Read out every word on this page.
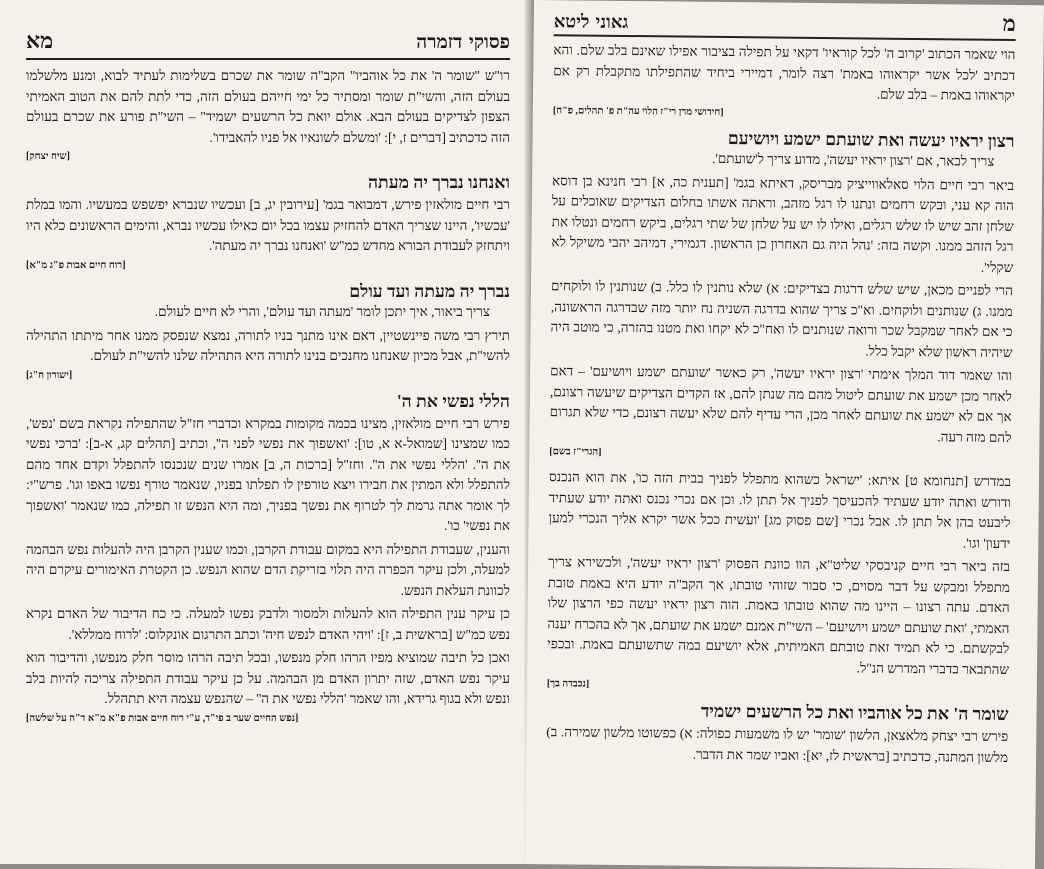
מא	פסוקי דזמרה

רו"ש "שומר ה' את כל אוהביו" הקב"ה שומר את שכרם בשלימות לעתיד לבוא, ומנע מלשלמו בעולם הזה, והשי"ת שומר ומסתיר כל ימי חייהם בעולם הזה, כדי לתת להם את הטוב האמיתי הצפון לצדיקים בעולם הבא. אולם יואת כל הרשעים ישמיד" – השי"ת פורע את שכרם בעולם הזה כדכתיב [דברים ז, י]: 'ומשלם לשונאיו אל פניו להאבידו'.

[שיח יצחק]
ואנחנו נברך יה מעתה

רבי חיים מולאזין פירש, דמבואר בגמ' [עירובין יג, ב] ועכשיו שנברא יפשפש במעשיו. והמו במלת 'עכשיו', היינו שצריך האדם להחזיק עצמו בכל יום כאילו עכשיו נברא, והימים הראשונים כלא היו ויתחזק לעבודת הבורא מחדש כמ"ש 'ואנחנו נברך יה מעתה'.

[רוח חיים אבות פ"ג מ"א]
נברך יה מעתה ועד עולם
צריך ביאור, איך יתכן לומר 'מעתה ועד עולם', והרי לא חיים לעולם.

תירץ רבי משה פיינשטיין, דאם אינו מתנך בניו לתורה, נמצא שנפסק ממנו אחר מיתתו התהילה להשי"ת, אבל מכיון שאנחנו מחנכים בנינו לתורה היא התהילה שלנו להשי"ת לעולם.

[ישורון ח"ג]
הללי נפשי את ה'

פירש רבי חיים מולאזין, מצינו בכמה מקומות במקרא וכדברי חז"ל שהתפילה נקראת בשם 'נפש', כמו שמצינו [שמואל-א א, טו]: 'ואשפוך את נפשי לפני ה'', וכתיב [תהלים קג, א-ב]: 'ברכי נפשי את ה''. 'הללי נפשי את ה''. וחז"ל [ברכות ה, ב] אמרו שנים שנכנסו להתפלל וקדם אחד מהם להתפלל ולא המתין את חבירו ויצא טורפין לו תפלתו בפניו, שנאמר טורף נפשו באפו וגו'. פרש"י: לך אומר אתה גרמת לך לטרוף את נפשך בפניך, ומה היא הנפש זו תפילה, כמו שנאמר 'ואשפוך את נפשי' כו'.

והענין, שעבודת התפילה היא במקום עבודת הקרבן, וכמו שענין הקרבן היה להעלות נפש הבהמה למעלה, ולכן עיקר הכפרה היה תלוי בזריקת הדם שהוא הנפש. כן הקטרת האימורים עיקרם היה לכוונת העלאת הנפש.

כן עיקר ענין התפילה הוא להעלות ולמסור ולדבק נפשו למעלה. כי כח הדיבור של האדם נקרא נפש כמ"ש [בראשית ב, ז]: 'ויהי האדם לנפש חיה' וכתב התרגום אונקלוס: 'לרוח ממללא'.

ואכן כל תיבה שמוציא מפיו הרהו חלק מנפשו, ובכל תיבה הרהו מוסר חלק מנפשו, והדיבור הוא עיקר נפש האדם, שזה יתרון האדם מן הבהמה. על כן עיקר עבודת התפילה צריכה להיות בלב ונפש ולא בגוף גרידא, והו שאמר 'הללי נפשי את ה'' – שהנפש עצמה היא תתהלל.

[נפש החיים שער ב פי"ד, ע"י רוח חיים אבות פ"א מ"א ד"ה על שלשה]
גאוני ליטא	מ

הוי שאמר הכתוב 'קרוב ה' לכל קוראיו' דקאי על תפילה בציבור אפילו שאינם בלב שלם. והא דכתיב 'לכל אשר יקראוהו באמת' רצה לומר, דמיירי ביחיד שהתפילתו מתקבלת רק אם יקראוהו באמת – בלב שלם.

[חידושי מרן רי"ז הלוי עה"ת פ' תהלים, פ"ח]
רצון יראיו יעשה ואת שועתם ישמע ויושיעם
צריך לבאר, אם 'רצון יראיו יעשה', מדוע צריך ל'שועתם'.

ביאר רבי חיים הלוי סאלאווייציק מבריסק, דאיתא בגמ' [תענית כה, א] רבי חנינא בן דוסא הוה קא עני, ובקש רחמים ונתנו לו רגל מזהב, וראתה אשתו בחלום הצדיקים שאוכלים על שלחן זהב שיש לו שלש רגלים, ואילו לו יש על שלחן של שתי רגלים, ביקש רחמים ונטלו את רגל הזהב ממנו. וקשה בזה: 'נהל היה גם האחרון כן הראשון. דגמירי, דמיהב יהבי משיקל לא שקלי'.

הרי לפניים מכאן, שיש שלש דרגות בצדיקים: א) שלא נותנין לו כלל. ב) שנותנין לו ולוקחים ממנו. ג) שנותנים ולוקחים. וא"כ צריך שהוא בדרגה השניה נח יותר מזה שבדרגה הראשונה, כי אם לאחר שמקבל שכר ורואה שנותנים לו ואח"כ לא יקחו ואת מטנו בהזרה, כי מוטב היה שיהיה ראשון שלא יקבל כלל.

והו שאמר דוד המלך אימתי 'רצון יראיו יעשה', רק כאשר 'שועתם ישמע ויושיעם' – דאם לאחר מכן ישמע את שועתם ליטול מהם מה שנתן להם, אז הקדים הצדיקים שיעשה רצונם, אך אם לא ישמע את שועתם לאחר מכן, הרי עדיף להם שלא יעשה רצונם, כדי שלא תגרום להם מזה רעה.

[הגרי"ז בשם]

במדרש [תנחומא ט] איתא: 'ישראל כשהוא מתפלל לפניך בבית הזה כו', את הוא הנכנס ודורש ואתה יודע שעתיד להכעיסך לפניך אל תתן לו. וכן אם נכרי נכנס ואתה יודע שעתיד ליבעט בהן אל תתן לו. אבל נכרי [שם פסוק מג] 'ועשית ככל אשר יקרא אליך הנכרי למען ידעון' וגו'.

בזה ביאר רבי חיים קניבסקי שליט"א, הוו כוונת הפסוק 'רצון יראיו יעשה', ולכשירא צריך מתפלל ומבקש על דבר מסוים, כי סבור שזוהי טובתו, אך הקב"ה יודע היא באמת טובת האדם. עתה רצונו – היינו מה שהוא טובתו באמת. הוה רצון יראיו יעשה כפי הרצון שלו האמתי, 'ואת שועתם ישמע ויושיעם' – השי"ת אמנם ישמע את שועתם, אך לא בהכרח יענה לבקשתם. כי לא תמיד זאת טובתם האמיתית, אלא יושיעם במה שתשועתם באמת. ובכפי שהתבאר בדברי המדרש הנ"ל.

[נכבדה בך]
שומר ה' את כל אוהביו ואת כל הרשעים ישמיד

פירש רבי יצחק מלאצאן, הלשון 'שומר' יש לו משמעות כפולה: א) כפשוטו מלשון שמירה. ב) מלשון המתנה, כדכתיב [בראשית לז, יא]: ואביו שמר את הדבר.
